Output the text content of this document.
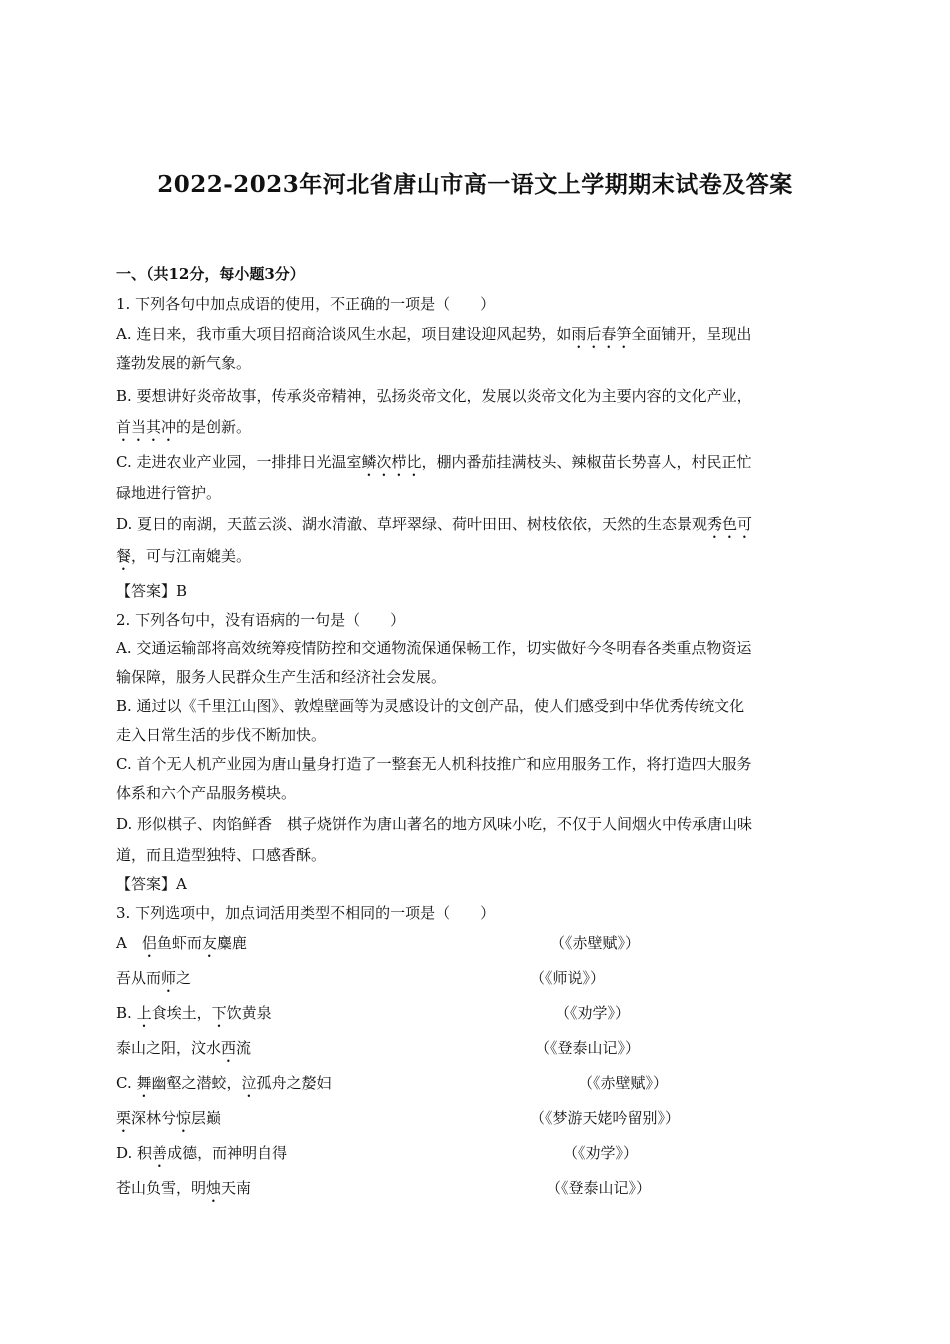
2022-2023年河北省唐山市高一语文上学期期末试卷及答案
一、（共12分，每小题3分）
1. 下列各句中加点成语的使用，不正确的一项是（　　）
A. 连日来，我市重大项目招商洽谈风生水起，项目建设迎风起势，如雨后春笋全面铺开，呈现出
蓬勃发展的新气象。
B. 要想讲好炎帝故事，传承炎帝精神，弘扬炎帝文化，发展以炎帝文化为主要内容的文化产业，
首当其冲的是创新。
C. 走进农业产业园，一排排日光温室鳞次栉比，棚内番茄挂满枝头、辣椒苗长势喜人，村民正忙
碌地进行管护。
D. 夏日的南湖，天蓝云淡、湖水清澈、草坪翠绿、荷叶田田、树枝依依，天然的生态景观秀色可
餐，可与江南媲美。
【答案】B
2. 下列各句中，没有语病的一句是（　　）
A. 交通运输部将高效统筹疫情防控和交通物流保通保畅工作，切实做好今冬明春各类重点物资运
输保障，服务人民群众生产生活和经济社会发展。
B. 通过以《千里江山图》、敦煌壁画等为灵感设计的文创产品，使人们感受到中华优秀传统文化
走入日常生活的步伐不断加快。
C. 首个无人机产业园为唐山量身打造了一整套无人机科技推广和应用服务工作，将打造四大服务
体系和六个产品服务模块。
D. 形似棋子、肉馅鲜香　棋子烧饼作为唐山著名的地方风味小吃，不仅于人间烟火中传承唐山味
道，而且造型独特、口感香酥。
【答案】A
3. 下列选项中，加点词活用类型不相同的一项是（　　）
A　侣鱼虾而友麋鹿	（《赤壁赋》）
吾从而师之	（《师说》）
B. 上食埃土，下饮黄泉	（《劝学》）
泰山之阳，汶水西流	（《登泰山记》）
C. 舞幽壑之潜蛟，泣孤舟之嫠妇	（《赤壁赋》）
栗深林兮惊层巅	（《梦游天姥吟留别》）
D. 积善成德，而神明自得	（《劝学》）
苍山负雪，明烛天南	（《登泰山记》）
